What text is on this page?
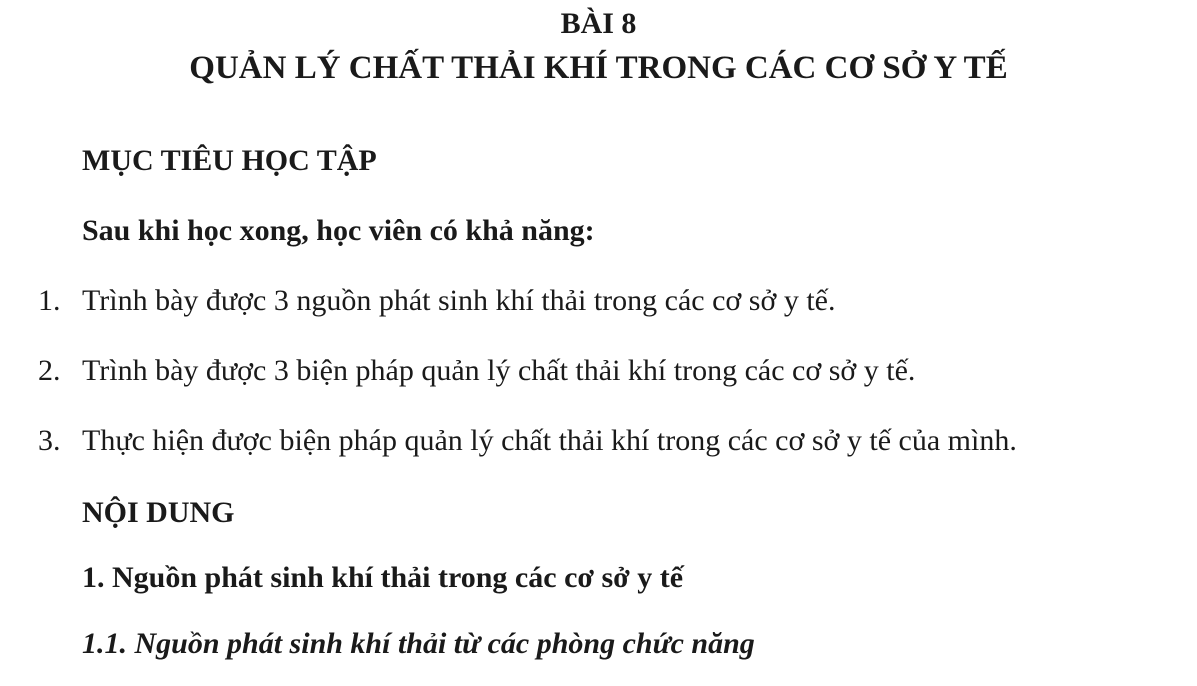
BÀI 8
QUẢN LÝ CHẤT THẢI KHÍ TRONG CÁC CƠ SỞ Y TẾ
MỤC TIÊU HỌC TẬP
Sau khi học xong, học viên có khả năng:
1. Trình bày được 3 nguồn phát sinh khí thải trong các cơ sở y tế.
2. Trình bày được 3 biện pháp quản lý chất thải khí trong các cơ sở y tế.
3. Thực hiện được biện pháp quản lý chất thải khí trong các cơ sở y tế của mình.
NỘI DUNG
1. Nguồn phát sinh khí thải trong các cơ sở y tế
1.1. Nguồn phát sinh khí thải từ các phòng chức năng
